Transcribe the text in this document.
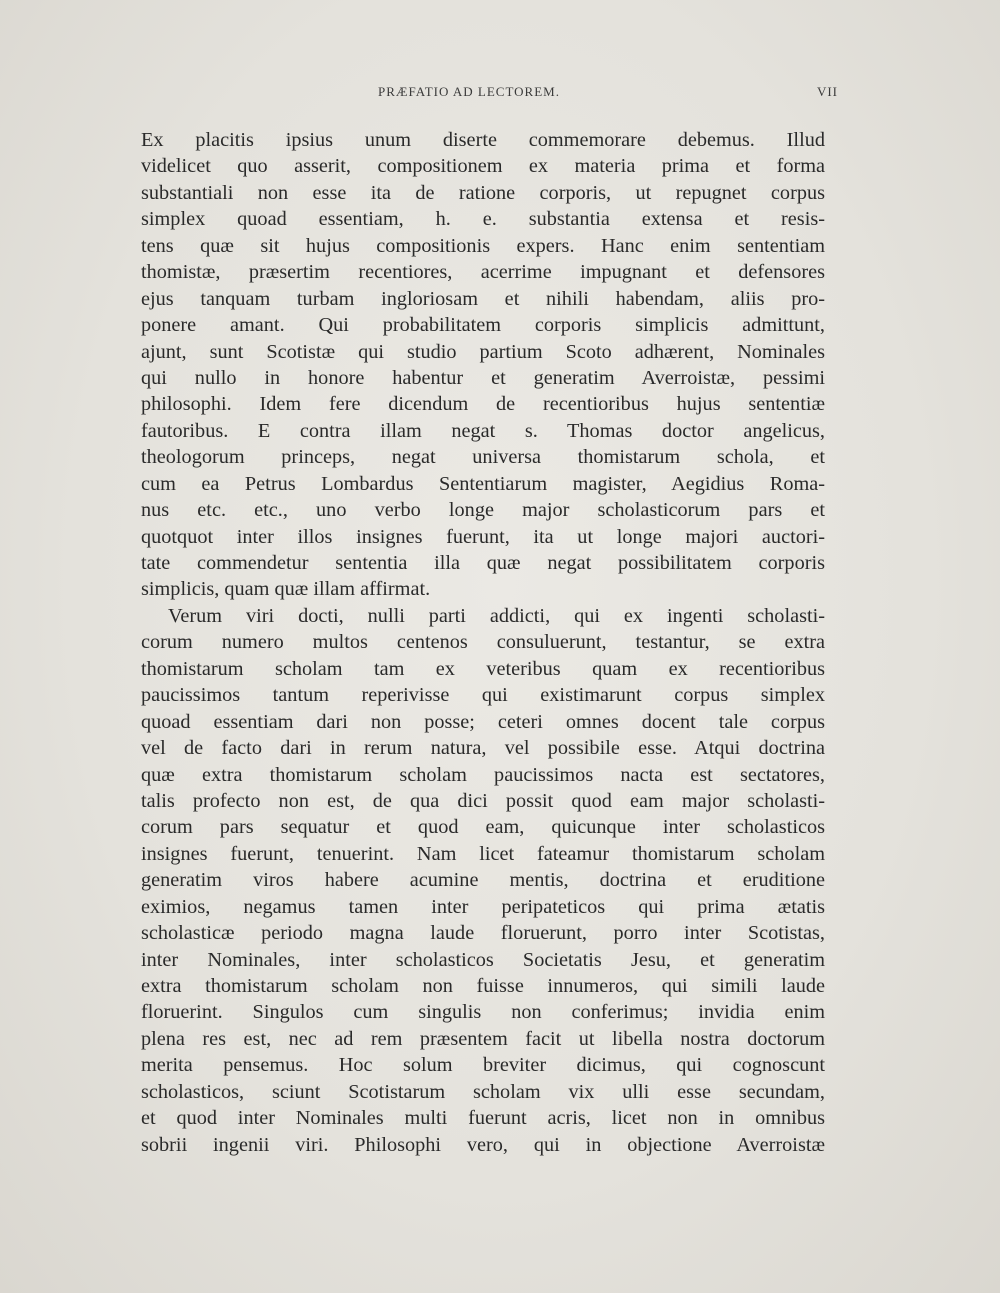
PRÆFATIO AD LECTOREM.	VII
Ex placitis ipsius unum diserte commemorare debemus. Illud
videlicet quo asserit, compositionem ex materia prima et forma
substantiali non esse ita de ratione corporis, ut repugnet corpus
simplex quoad essentiam, h. e. substantia extensa et resis-
tens quæ sit hujus compositionis expers. Hanc enim sententiam
thomistæ, præsertim recentiores, acerrime impugnant et defensores
ejus tanquam turbam ingloriosam et nihili habendam, aliis pro-
ponere amant. Qui probabilitatem corporis simplicis admittunt,
ajunt, sunt Scotistæ qui studio partium Scoto adhærent, Nominales
qui nullo in honore habentur et generatim Averroistæ, pessimi
philosophi. Idem fere dicendum de recentioribus hujus sententiæ
fautoribus. E contra illam negat s. Thomas doctor angelicus,
theologorum princeps, negat universa thomistarum schola, et
cum ea Petrus Lombardus Sententiarum magister, Aegidius Roma-
nus etc. etc., uno verbo longe major scholasticorum pars et
quotquot inter illos insignes fuerunt, ita ut longe majori auctori-
tate commendetur sententia illa quæ negat possibilitatem corporis
simplicis, quam quæ illam affirmat.
Verum viri docti, nulli parti addicti, qui ex ingenti scholasti-
corum numero multos centenos consuluerunt, testantur, se extra
thomistarum scholam tam ex veteribus quam ex recentioribus
paucissimos tantum reperivisse qui existimarunt corpus simplex
quoad essentiam dari non posse; ceteri omnes docent tale corpus
vel de facto dari in rerum natura, vel possibile esse. Atqui doctrina
quæ extra thomistarum scholam paucissimos nacta est sectatores,
talis profecto non est, de qua dici possit quod eam major scholasti-
corum pars sequatur et quod eam, quicunque inter scholasticos
insignes fuerunt, tenuerint. Nam licet fateamur thomistarum scholam
generatim viros habere acumine mentis, doctrina et eruditione
eximios, negamus tamen inter peripateticos qui prima ætatis
scholasticæ periodo magna laude floruerunt, porro inter Scotistas,
inter Nominales, inter scholasticos Societatis Jesu, et generatim
extra thomistarum scholam non fuisse innumeros, qui simili laude
floruerint. Singulos cum singulis non conferimus; invidia enim
plena res est, nec ad rem præsentem facit ut libella nostra doctorum
merita pensemus. Hoc solum breviter dicimus, qui cognoscunt
scholasticos, sciunt Scotistarum scholam vix ulli esse secundam,
et quod inter Nominales multi fuerunt acris, licet non in omnibus
sobrii ingenii viri. Philosophi vero, qui in objectione Averroistæ
